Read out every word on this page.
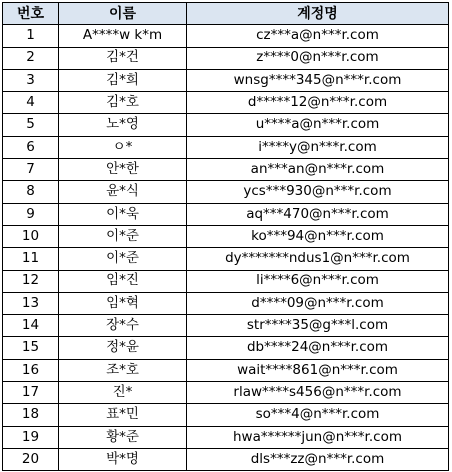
번호	이름	계정명
1	A****w k*m	cz***a@n***r.com
2	김*건	z****0@n***r.com
3	김*희	wnsg****345@n***r.com
4	김*호	d*****12@n***r.com
5	노*영	u****a@n***r.com
6	ㅇ*	i****y@n***r.com
7	안*한	an***an@n***r.com
8	윤*식	ycs***930@n***r.com
9	이*욱	aq***470@n***r.com
10	이*준	ko***94@n***r.com
11	이*준	dy*******ndus1@n***r.com
12	임*진	li****6@n***r.com
13	임*혁	d****09@n***r.com
14	장*수	str****35@g***l.com
15	정*윤	db****24@n***r.com
16	조*호	wait****861@n***r.com
17	진*	rlaw****s456@n***r.com
18	표*민	so***4@n***r.com
19	황*준	hwa******jun@n***r.com
20	박*명	dls***zz@n***r.com
